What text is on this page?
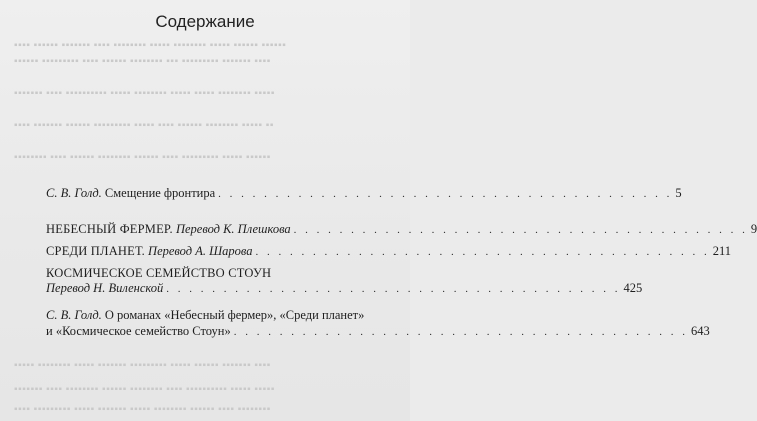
▪▪▪▪ ▪▪▪▪▪▪ ▪▪▪▪▪▪▪ ▪▪▪▪ ▪▪▪▪▪▪▪▪ ▪▪▪▪▪ ▪▪▪▪▪▪▪▪ ▪▪▪▪▪ ▪▪▪▪▪▪ ▪▪▪▪▪▪
▪▪▪▪▪▪ ▪▪▪▪▪▪▪▪▪ ▪▪▪▪ ▪▪▪▪▪▪ ▪▪▪▪▪▪▪▪ ▪▪▪ ▪▪▪▪▪▪▪▪▪ ▪▪▪▪▪▪▪ ▪▪▪▪
▪▪▪▪▪▪▪ ▪▪▪▪ ▪▪▪▪▪▪▪▪▪▪ ▪▪▪▪▪ ▪▪▪▪▪▪▪▪ ▪▪▪▪▪ ▪▪▪▪▪ ▪▪▪▪▪▪▪▪ ▪▪▪▪▪
▪▪▪▪ ▪▪▪▪▪▪▪ ▪▪▪▪▪▪ ▪▪▪▪▪▪▪▪▪ ▪▪▪▪▪ ▪▪▪▪ ▪▪▪▪▪▪ ▪▪▪▪▪▪▪▪ ▪▪▪▪▪ ▪▪
▪▪▪▪▪▪▪▪ ▪▪▪▪ ▪▪▪▪▪▪ ▪▪▪▪▪▪▪▪ ▪▪▪▪▪▪ ▪▪▪▪ ▪▪▪▪▪▪▪▪▪ ▪▪▪▪▪ ▪▪▪▪▪▪
▪▪▪▪▪ ▪▪▪▪▪▪▪▪ ▪▪▪▪▪ ▪▪▪▪▪▪▪ ▪▪▪▪▪▪▪▪▪ ▪▪▪▪▪ ▪▪▪▪▪▪ ▪▪▪▪▪▪▪ ▪▪▪▪
▪▪▪▪▪▪▪ ▪▪▪▪ ▪▪▪▪▪▪▪▪ ▪▪▪▪▪▪ ▪▪▪▪▪▪▪▪ ▪▪▪▪ ▪▪▪▪▪▪▪▪▪▪ ▪▪▪▪▪ ▪▪▪▪▪
▪▪▪▪ ▪▪▪▪▪▪▪▪▪ ▪▪▪▪▪ ▪▪▪▪▪▪▪ ▪▪▪▪▪ ▪▪▪▪▪▪▪▪ ▪▪▪▪▪▪ ▪▪▪▪ ▪▪▪▪▪▪▪▪
Содержание
С. В. Голд. Смещение фронтира . . . . . . . . . . . . . . . . . . . . . . . . . . . . . . . . . . . . . . . . 5
НЕБЕСНЫЙ ФЕРМЕР. Перевод К. Плешкова . . . . . . . . . . . . . . . . . . . . . . . . . . . . . . . . . . . . . . . . 9
СРЕДИ ПЛАНЕТ. Перевод А. Шарова . . . . . . . . . . . . . . . . . . . . . . . . . . . . . . . . . . . . . . . . 211
КОСМИЧЕСКОЕ СЕМЕЙСТВО СТОУН
Перевод Н. Виленской . . . . . . . . . . . . . . . . . . . . . . . . . . . . . . . . . . . . . . . . 425
С. В. Голд. О романах «Небесный фермер», «Среди планет»
и «Космическое семейство Стоун» . . . . . . . . . . . . . . . . . . . . . . . . . . . . . . . . . . . . . . . . 643
